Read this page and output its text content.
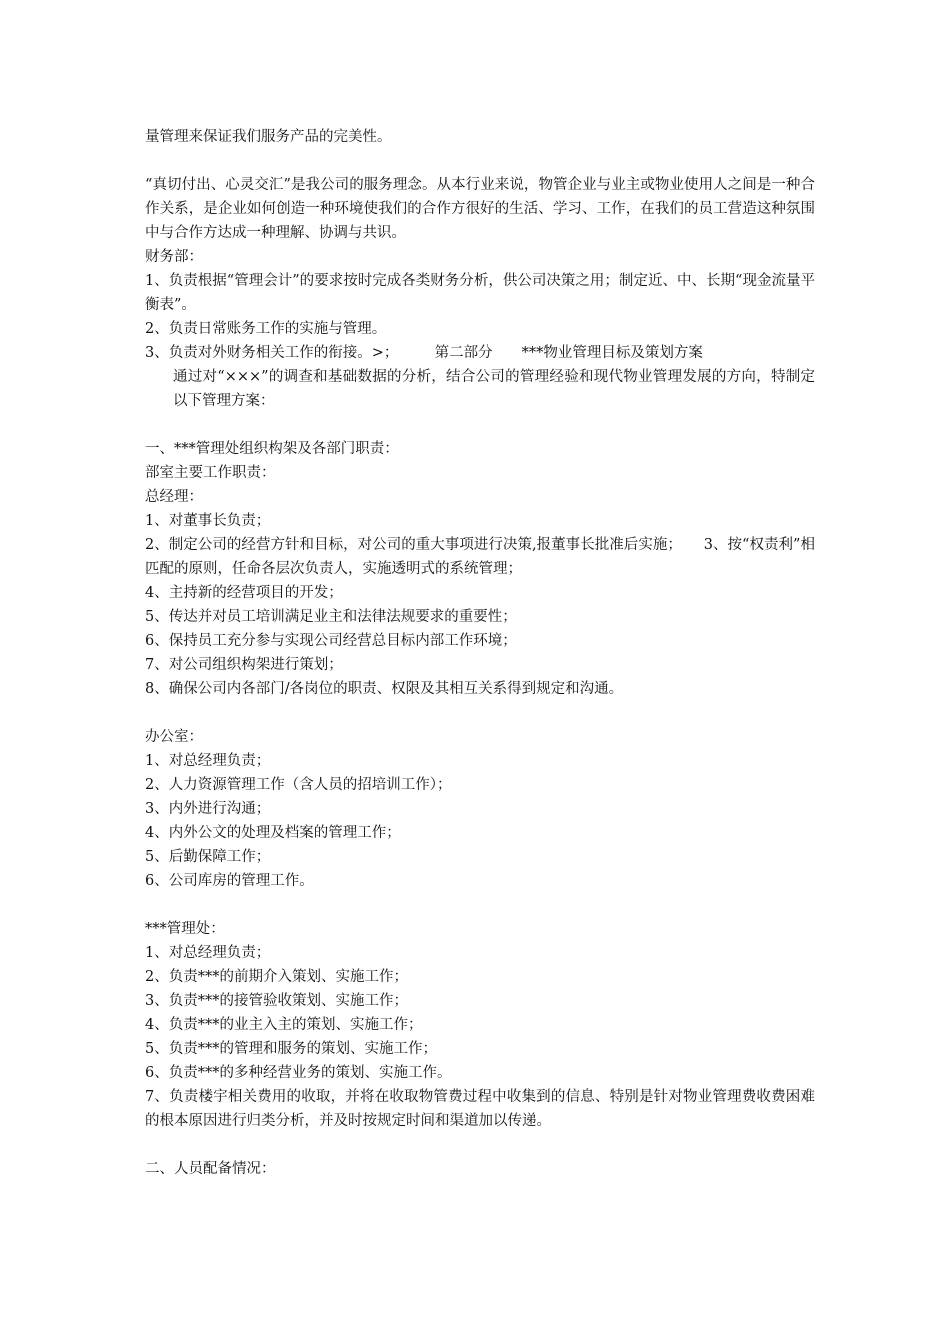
量管理来保证我们服务产品的完美性。
“真切付出、心灵交汇”是我公司的服务理念。从本行业来说，物管企业与业主或物业使用人之间是一种合作关系，是企业如何创造一种环境使我们的合作方很好的生活、学习、工作，在我们的员工营造这种氛围中与合作方达成一种理解、协调与共识。
财务部：
1、负责根据“管理会计”的要求按时完成各类财务分析，供公司决策之用；制定近、中、长期“现金流量平衡表”。
2、负责日常账务工作的实施与管理。
3、负责对外财务相关工作的衔接。>；　　　第二部分　　***物业管理目标及策划方案
通过对“×××”的调查和基础数据的分析，结合公司的管理经验和现代物业管理发展的方向，特制定以下管理方案：
一、***管理处组织构架及各部门职责：
部室主要工作职责：
总经理：
1、对董事长负责；
2、制定公司的经营方针和目标，对公司的重大事项进行决策,报董事长批准后实施；　　3、按“权责利”相匹配的原则，任命各层次负责人，实施透明式的系统管理；
4、主持新的经营项目的开发；
5、传达并对员工培训满足业主和法律法规要求的重要性；
6、保持员工充分参与实现公司经营总目标内部工作环境；
7、对公司组织构架进行策划；
8、确保公司内各部门/各岗位的职责、权限及其相互关系得到规定和沟通。
办公室：
1、对总经理负责；
2、人力资源管理工作（含人员的招培训工作）；
3、内外进行沟通；
4、内外公文的处理及档案的管理工作；
5、后勤保障工作；
6、公司库房的管理工作。
***管理处：
1、对总经理负责；
2、负责***的前期介入策划、实施工作；
3、负责***的接管验收策划、实施工作；
4、负责***的业主入主的策划、实施工作；
5、负责***的管理和服务的策划、实施工作；
6、负责***的多种经营业务的策划、实施工作。
7、负责楼宇相关费用的收取，并将在收取物管费过程中收集到的信息、特别是针对物业管理费收费困难的根本原因进行归类分析，并及时按规定时间和渠道加以传递。
二、人员配备情况：
